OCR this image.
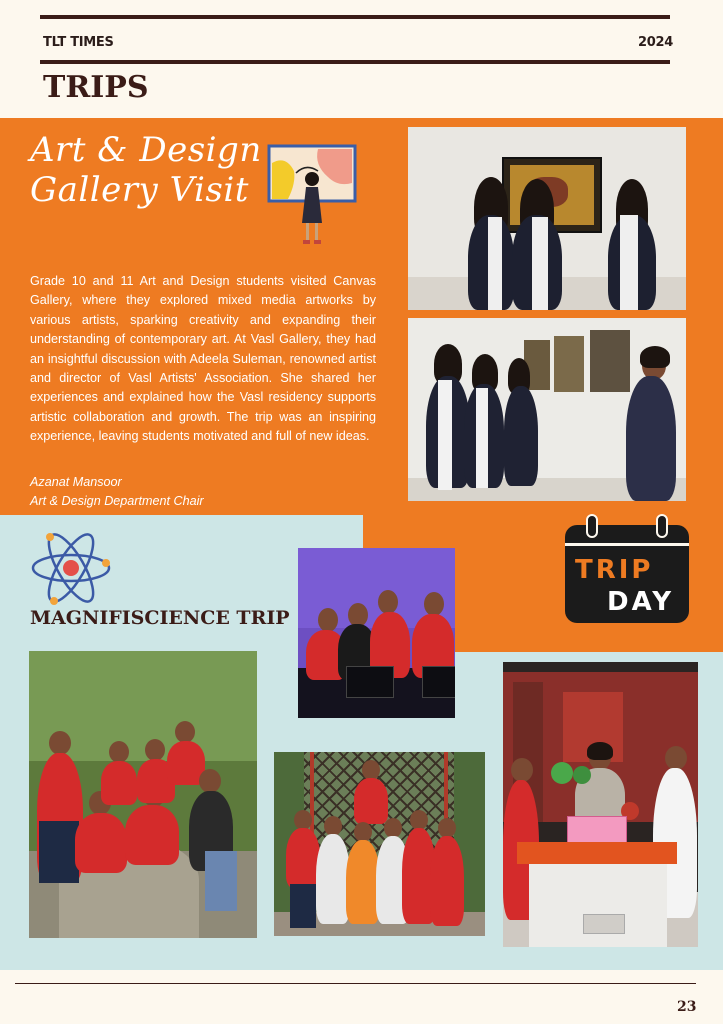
TLT TIMES	2024
TRIPS
Art & Design
Gallery Visit
Grade 10 and 11 Art and Design students visited Canvas Gallery, where they explored mixed media artworks by various artists, sparking creativity and expanding their understanding of contemporary art. At Vasl Gallery, they had an insightful discussion with Adeela Suleman, renowned artist and director of Vasl Artists' Association. She shared her experiences and explained how the Vasl residency supports artistic collaboration and growth. The trip was an inspiring experience, leaving students motivated and full of new ideas.
Azanat Mansoor
Art & Design Department Chair
MAGNIFISCIENCE TRIP
TRIP
DAY
23
